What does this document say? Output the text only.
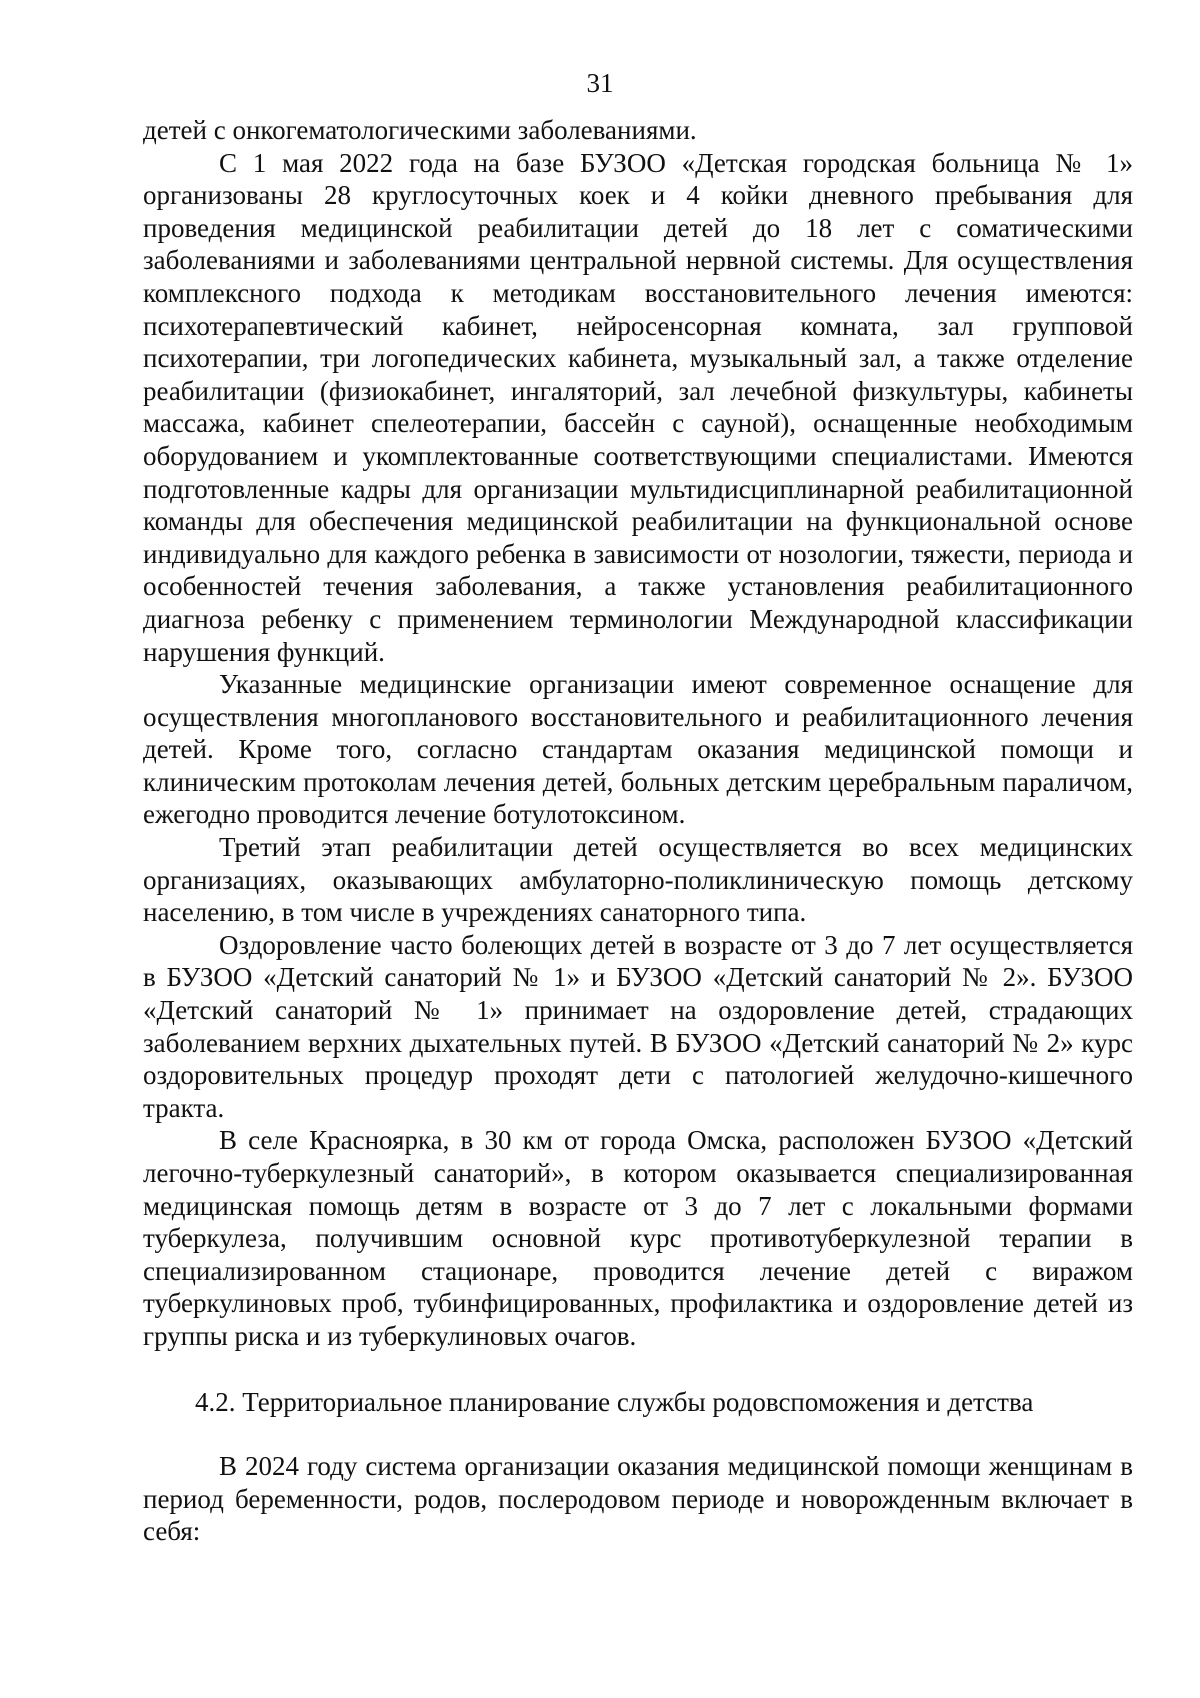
31

детей с онкогематологическими заболеваниями.

С 1 мая 2022 года на базе БУЗОО «Детская городская больница № 1» организованы 28 круглосуточных коек и 4 койки дневного пребывания для проведения медицинской реабилитации детей до 18 лет с соматическими заболеваниями и заболеваниями центральной нервной системы. Для осуществления комплексного подхода к методикам восстановительного лечения имеются: психотерапевтический кабинет, нейросенсорная комната, зал групповой психотерапии, три логопедических кабинета, музыкальный зал, а также отделение реабилитации (физиокабинет, ингаляторий, зал лечебной физкультуры, кабинеты массажа, кабинет спелеотерапии, бассейн с сауной), оснащенные необходимым оборудованием и укомплектованные соответствующими специалистами. Имеются подготовленные кадры для организации мультидисциплинарной реабилитационной команды для обеспечения медицинской реабилитации на функциональной основе индивидуально для каждого ребенка в зависимости от нозологии, тяжести, периода и особенностей течения заболевания, а также установления реабилитационного диагноза ребенку с применением терминологии Международной классификации нарушения функций.

Указанные медицинские организации имеют современное оснащение для осуществления многопланового восстановительного и реабилитационного лечения детей. Кроме того, согласно стандартам оказания медицинской помощи и клиническим протоколам лечения детей, больных детским церебральным параличом, ежегодно проводится лечение ботулотоксином.

Третий этап реабилитации детей осуществляется во всех медицинских организациях, оказывающих амбулаторно-поликлиническую помощь детскому населению, в том числе в учреждениях санаторного типа.

Оздоровление часто болеющих детей в возрасте от 3 до 7 лет осуществляется в БУЗОО «Детский санаторий № 1» и БУЗОО «Детский санаторий № 2». БУЗОО «Детский санаторий № 1» принимает на оздоровление детей, страдающих заболеванием верхних дыхательных путей. В БУЗОО «Детский санаторий № 2» курс оздоровительных процедур проходят дети с патологией желудочно-кишечного тракта.

В селе Красноярка, в 30 км от города Омска, расположен БУЗОО «Детский легочно-туберкулезный санаторий», в котором оказывается специализированная медицинская помощь детям в возрасте от 3 до 7 лет с локальными формами туберкулеза, получившим основной курс противотуберкулезной терапии в специализированном стационаре, проводится лечение детей с виражом туберкулиновых проб, тубинфицированных, профилактика и оздоровление детей из группы риска и из туберкулиновых очагов.

4.2. Территориальное планирование службы родовспоможения и детства

В 2024 году система организации оказания медицинской помощи женщинам в период беременности, родов, послеродовом периоде и новорожденным включает в себя:
